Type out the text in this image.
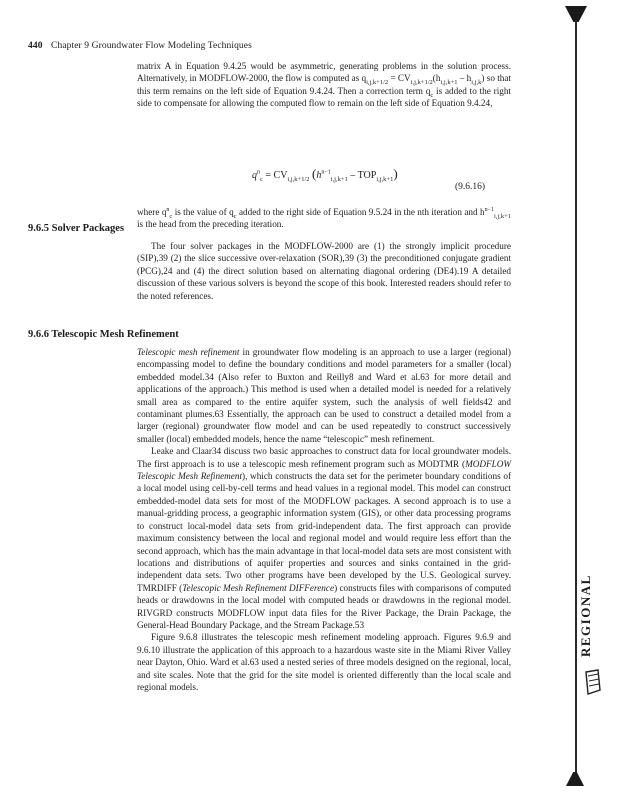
440 Chapter 9 Groundwater Flow Modeling Techniques

matrix A in Equation 9.4.25 would be asymmetric, generating problems in the solution process. Alternatively, in MODFLOW-2000, the flow is computed as $q_{i,j,k+1/2} = CV_{i,j,k+1/2}(h_{i,j,k+1} - h_{i,j,k})$ so that this term remains on the left side of Equation 9.4.24. Then a correction term $q_c$ is added to the right side to compensate for allowing the computed flow to remain on the left side of Equation 9.4.24,

$q^n_c = CV_{i,j,k+1/2}$ $(h^{n-1}_{i,j,k+1} - TOP_{i,j,k+1})$
(9.6.16)

where $q^n_c$ is the value of $q_c$ added to the right side of Equation 9.5.24 in the nth iteration and $h^{n-1}_{i,j,k+1}$ is the head from the preceding iteration.

9.6.5 Solver Packages

The four solver packages in the MODFLOW-2000 are (1) the strongly implicit procedure (SIP),39 (2) the slice successive over-relaxation (SOR),39 (3) the preconditioned conjugate gradient (PCG),24 and (4) the direct solution based on alternating diagonal ordering (DE4).19 A detailed discussion of these various solvers is beyond the scope of this book. Interested readers should refer to the noted references.

9.6.6 Telescopic Mesh Refinement

Telescopic mesh refinement in groundwater flow modeling is an approach to use a larger (regional) encompassing model to define the boundary conditions and model parameters for a smaller (local) embedded model.34 (Also refer to Buxton and Reilly8 and Ward et al.63 for more detail and applications of the approach.) This method is used when a detailed model is needed for a relatively small area as compared to the entire aquifer system, such the analysis of well fields42 and contaminant plumes.63 Essentially, the approach can be used to construct a detailed model from a larger (regional) groundwater flow model and can be used repeatedly to construct successively smaller (local) embedded models, hence the name “telescopic” mesh refinement.

Leake and Claar34 discuss two basic approaches to construct data for local groundwater models. The first approach is to use a telescopic mesh refinement program such as MODTMR (MODFLOW Telescopic Mesh Refinement), which constructs the data set for the perimeter boundary conditions of a local model using cell-by-cell terms and head values in a regional model. This model can construct embedded-model data sets for most of the MODFLOW packages. A second approach is to use a manual-gridding process, a geographic information system (GIS), or other data processing programs to construct local-model data sets from grid-independent data. The first approach can provide maximum consistency between the local and regional model and would require less effort than the second approach, which has the main advantage in that local-model data sets are most consistent with locations and distributions of aquifer properties and sources and sinks contained in the grid-independent data sets. Two other programs have been developed by the U.S. Geological survey. TMRDIFF (Telescopic Mesh Refinement DIFFerence) constructs files with comparisons of computed heads or drawdowns in the local model with computed heads or drawdowns in the regional model. RIVGRD constructs MODFLOW input data files for the River Package, the Drain Package, the General-Head Boundary Package, and the Stream Package.53

Figure 9.6.8 illustrates the telescopic mesh refinement modeling approach. Figures 9.6.9 and 9.6.10 illustrate the application of this approach to a hazardous waste site in the Miami River Valley near Dayton, Ohio. Ward et al.63 used a nested series of three models designed on the regional, local, and site scales. Note that the grid for the site model is oriented differently than the local scale and regional models.

REGIONAL
